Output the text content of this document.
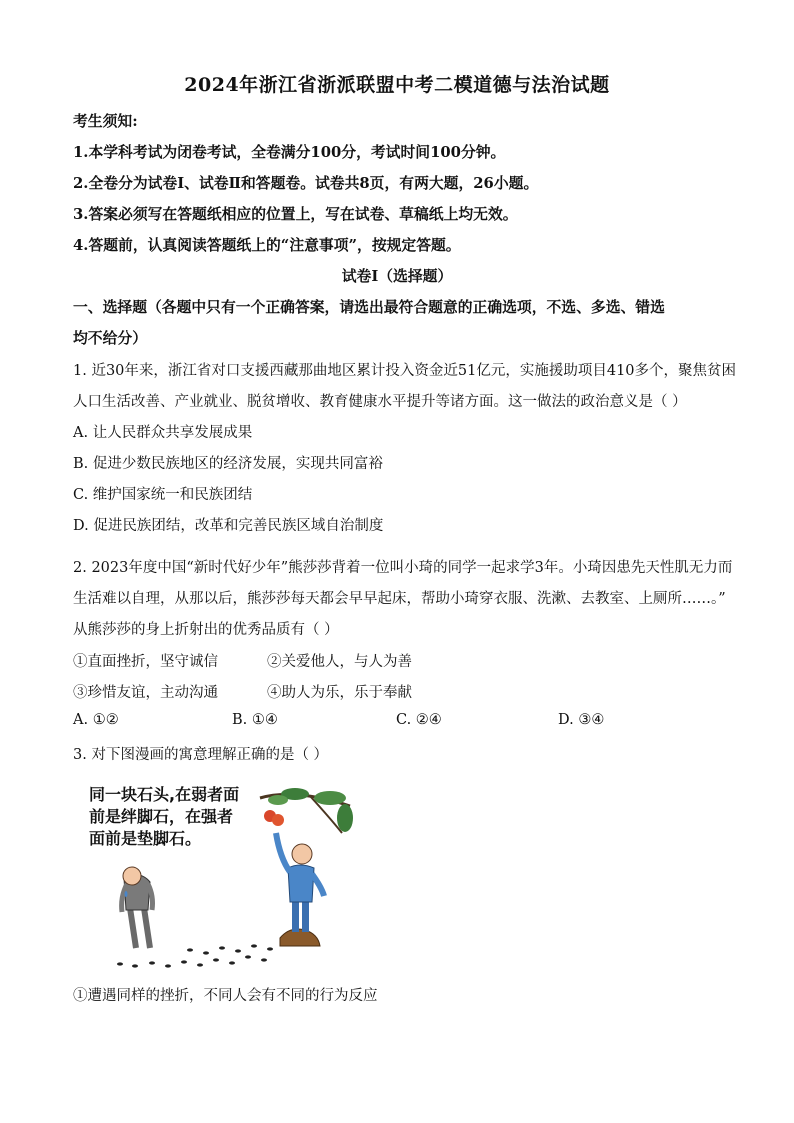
2024年浙江省浙派联盟中考二模道德与法治试题
考生须知:
1.本学科考试为闭卷考试，全卷满分100分，考试时间100分钟。
2.全卷分为试卷Ⅰ、试卷Ⅱ和答题卷。试卷共8页，有两大题，26小题。
3.答案必须写在答题纸相应的位置上，写在试卷、草稿纸上均无效。
4.答题前，认真阅读答题纸上的“注意事项”，按规定答题。
试卷Ⅰ（选择题）
一、选择题（各题中只有一个正确答案，请选出最符合题意的正确选项，不选、多选、错选
均不给分）
1. 近30年来，浙江省对口支援西藏那曲地区累计投入资金近51亿元，实施援助项目410多个，聚焦贫困
人口生活改善、产业就业、脱贫增收、教育健康水平提升等诸方面。这一做法的政治意义是（ ）
A. 让人民群众共享发展成果
B. 促进少数民族地区的经济发展，实现共同富裕
C. 维护国家统一和民族团结
D. 促进民族团结，改革和完善民族区域自治制度
2. 2023年度中国“新时代好少年”熊莎莎背着一位叫小琦的同学一起求学3年。小琦因患先天性肌无力而
生活难以自理，从那以后，熊莎莎每天都会早早起床，帮助小琦穿衣服、洗漱、去教室、上厕所……。”
从熊莎莎的身上折射出的优秀品质有（ ）
①直面挫折，坚守诚信	②关爱他人，与人为善
③珍惜友谊，主动沟通	④助人为乐，乐于奉献
A. ①②	B. ①④	C. ②④	D. ③④
3. 对下图漫画的寓意理解正确的是（ ）
同一块石头,在弱者面
前是绊脚石，在强者
面前是垫脚石。
①遭遇同样的挫折，不同人会有不同的行为反应
